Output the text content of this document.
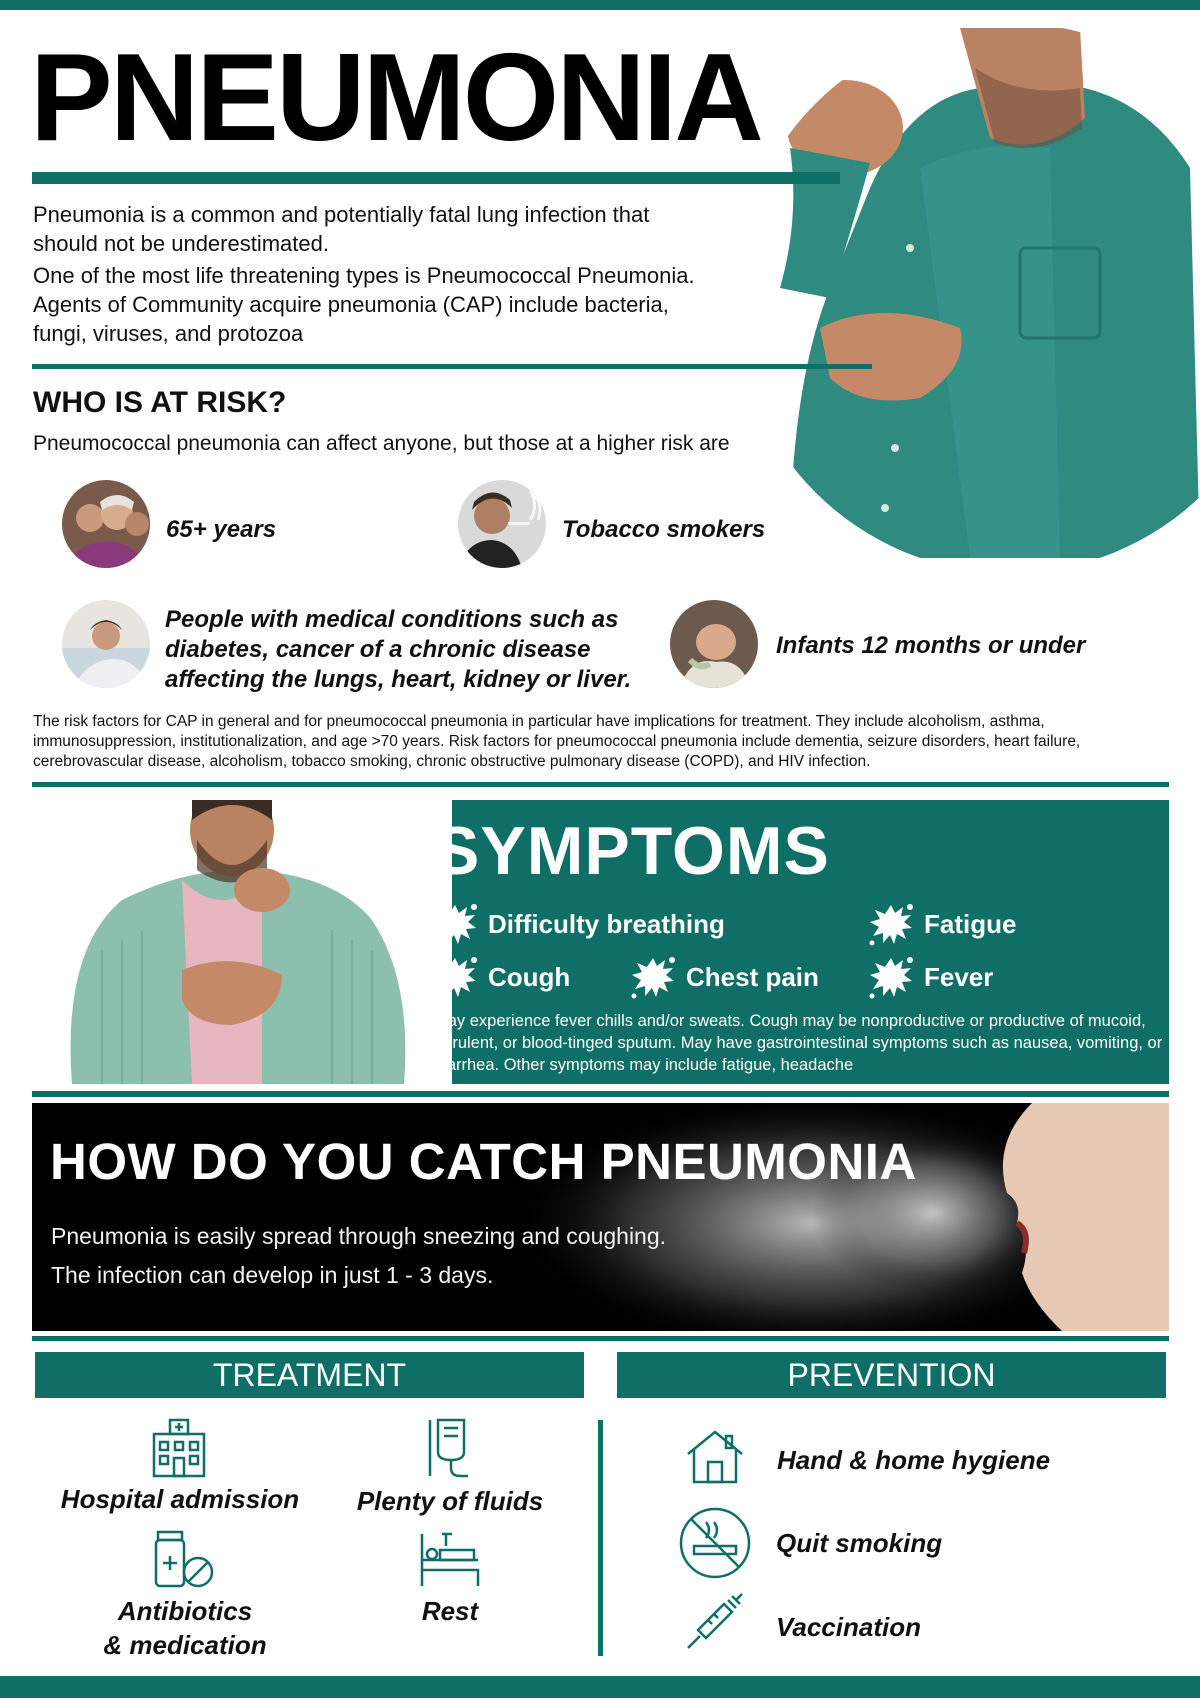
PNEUMONIA

Pneumonia is a common and potentially fatal lung infection that should not be underestimated.

One of the most life threatening types is Pneumococcal Pneumonia. Agents of Community acquire pneumonia (CAP) include bacteria, fungi, viruses, and protozoa

WHO IS AT RISK?
Pneumococcal pneumonia can affect anyone, but those at a higher risk are
65+ years	Tobacco smokers
People with medical conditions such as diabetes, cancer of a chronic disease affecting the lungs, heart, kidney or liver.
Infants 12 months or under
The risk factors for CAP in general and for pneumococcal pneumonia in particular have implications for treatment. They include alcoholism, asthma, immunosuppression, institutionalization, and age >70 years. Risk factors for pneumococcal pneumonia include dementia, seizure disorders, heart failure, cerebrovascular disease, alcoholism, tobacco smoking, chronic obstructive pulmonary disease (COPD), and HIV infection.
SYMPTOMS
Difficulty breathing	Fatigue
Cough	Chest pain	Fever
May experience fever chills and/or sweats. Cough may be nonproductive or productive of mucoid, purulent, or blood-tinged sputum. May have gastrointestinal symptoms such as nausea, vomiting, or diarrhea. Other symptoms may include fatigue, headache
HOW DO YOU CATCH PNEUMONIA
Pneumonia is easily spread through sneezing and coughing.
The infection can develop in just 1 - 3 days.
TREATMENT
Hospital admission	Plenty of fluids
Antibiotics
& medication
Rest
PREVENTION
Hand & home hygiene
Quit smoking
Vaccination
